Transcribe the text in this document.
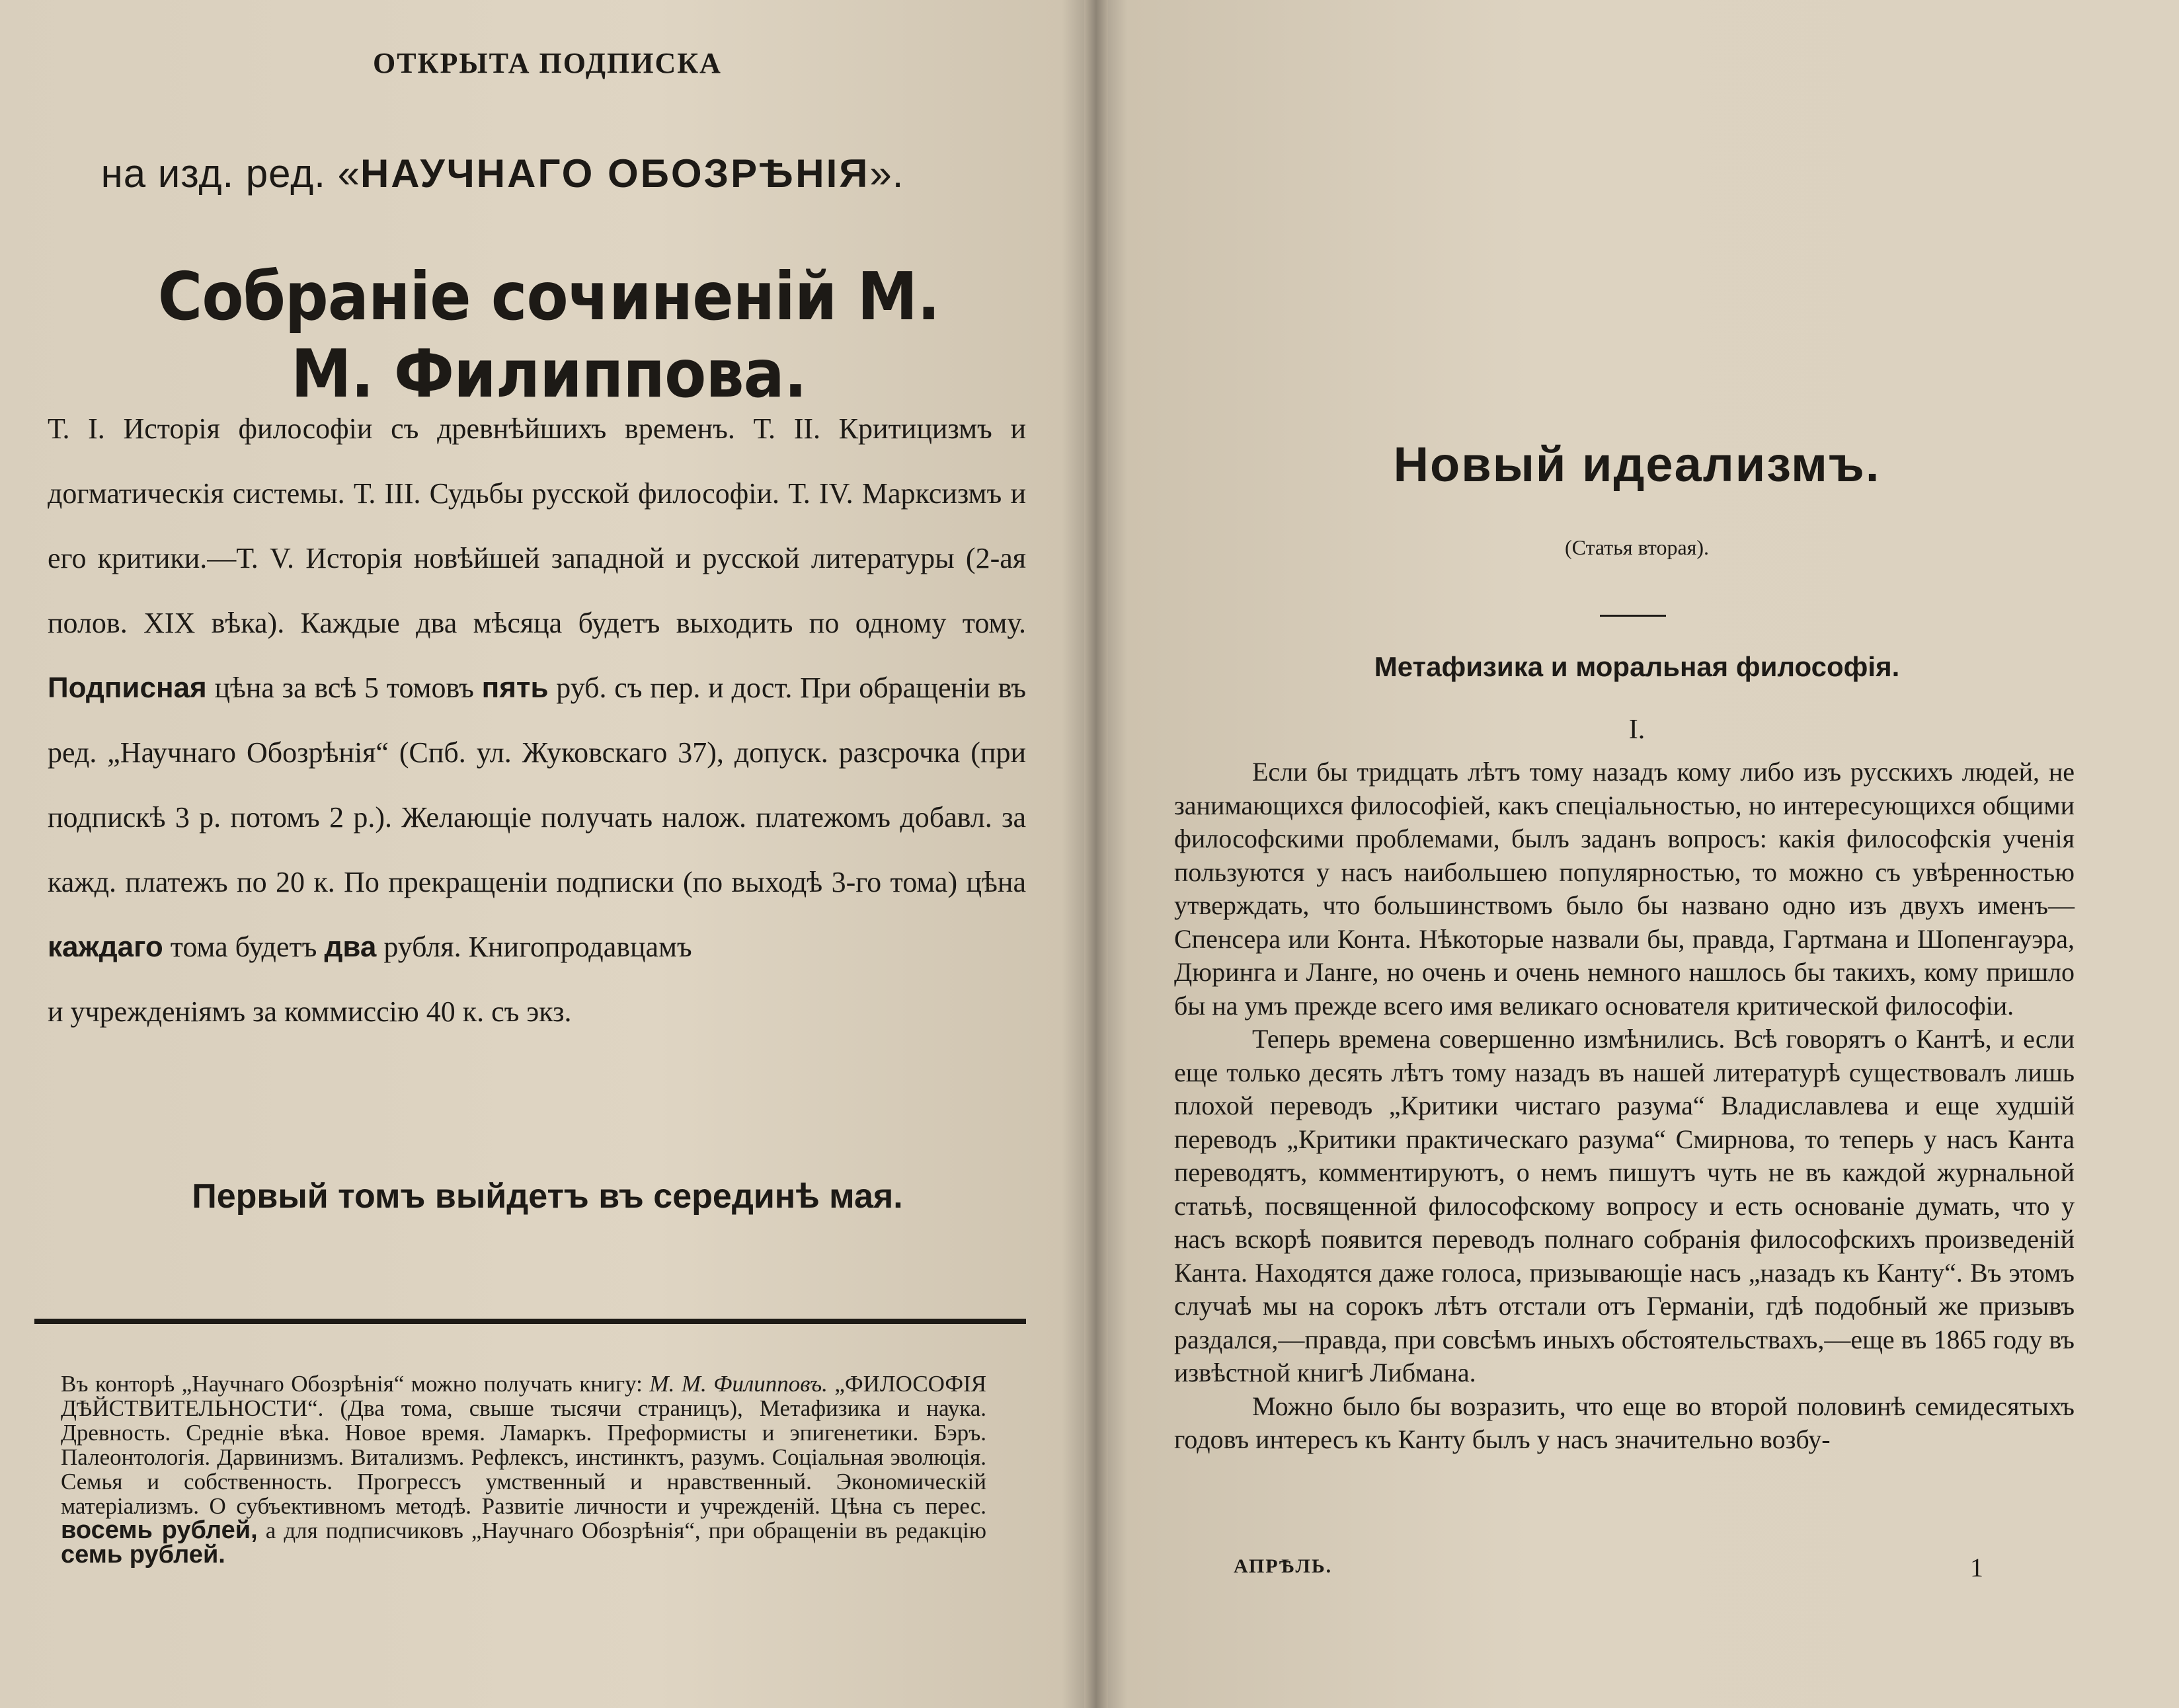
ОТКРЫТА ПОДПИСКА
на изд. ред. «НАУЧНАГО ОБОЗРѢНІЯ».
Собраніе сочиненій М. М. Филиппова.
Т. I. Исторія философіи съ древнѣйшихъ временъ. Т. II. Критицизмъ и догматическія системы. Т. III. Судьбы русской философіи. Т. IV. Марксизмъ и его критики.—Т. V. Исторія новѣйшей западной и русской литературы (2-ая полов. XIX вѣка). Каждые два мѣсяца будетъ выходить по одному тому. Подписная цѣна за всѣ 5 томовъ пять руб. съ пер. и дост. При обращеніи въ ред. „Научнаго Обозрѣнія“ (Спб. ул. Жуковскаго 37), допуск. разсрочка (при подпискѣ 3 р. потомъ 2 р.). Желающіе получать налож. платежомъ добавл. за кажд. платежъ по 20 к. По прекращеніи подписки (по выходѣ 3-го тома) цѣна каждаго тома будетъ два рубля. Книгопродавцамъ
и учрежденіямъ за коммиссію 40 к. съ экз.
Первый томъ выйдетъ въ серединѣ мая.
Въ конторѣ „Научнаго Обозрѣнія“ можно получать книгу: М. М. Филипповъ. „ФИЛОСОФІЯ ДѢЙСТВИТЕЛЬНОСТИ“. (Два тома, свыше тысячи страницъ), Метафизика и наука. Древность. Средніе вѣка. Новое время. Ламаркъ. Преформисты и эпигенетики. Бэръ. Палеонтологія. Дарвинизмъ. Витализмъ. Рефлексъ, инстинктъ, разумъ. Соціальная эволюція. Семья и собственность. Прогрессъ умственный и нравственный. Экономическій матеріализмъ. О субъективномъ методѣ. Развитіе личности и учрежденій. Цѣна съ перес. восемь рублей, а для подписчиковъ „Научнаго Обозрѣнія“, при обращеніи въ редакцію семь рублей.
Новый идеализмъ.
(Статья вторая).
Метафизика и моральная философія.
I.

Если бы тридцать лѣтъ тому назадъ кому либо изъ русскихъ людей, не занимающихся философіей, какъ спеціальностью, но интересующихся общими философскими проблемами, былъ заданъ вопросъ: какія философскія ученія пользуются у насъ наибольшею популярностью, то можно съ увѣренностью утверждать, что большинствомъ было бы названо одно изъ двухъ именъ—Спенсера или Конта. Нѣкоторые назвали бы, правда, Гартмана и Шопенгауэра, Дюринга и Ланге, но очень и очень немного нашлось бы такихъ, кому пришло бы на умъ прежде всего имя великаго основателя критической философіи.

Теперь времена совершенно измѣнились. Всѣ говорятъ о Кантѣ, и если еще только десять лѣтъ тому назадъ въ нашей литературѣ существовалъ лишь плохой переводъ „Критики чистаго разума“ Владиславлева и еще худшій переводъ „Критики практическаго разума“ Смирнова, то теперь у насъ Канта переводятъ, комментируютъ, о немъ пишутъ чуть не въ каждой журнальной статьѣ, посвященной философскому вопросу и есть основаніе думать, что у насъ вскорѣ появится переводъ полнаго собранія философскихъ произведеній Канта. Находятся даже голоса, призывающіе насъ „назадъ къ Канту“. Въ этомъ случаѣ мы на сорокъ лѣтъ отстали отъ Германіи, гдѣ подобный же призывъ раздался,—правда, при совсѣмъ иныхъ обстоятельствахъ,—еще въ 1865 году въ извѣстной книгѣ Либмана.

Можно было бы возразить, что еще во второй половинѣ семидесятыхъ годовъ интересъ къ Канту былъ у насъ значительно возбу-

АПРѢЛЬ.	1
